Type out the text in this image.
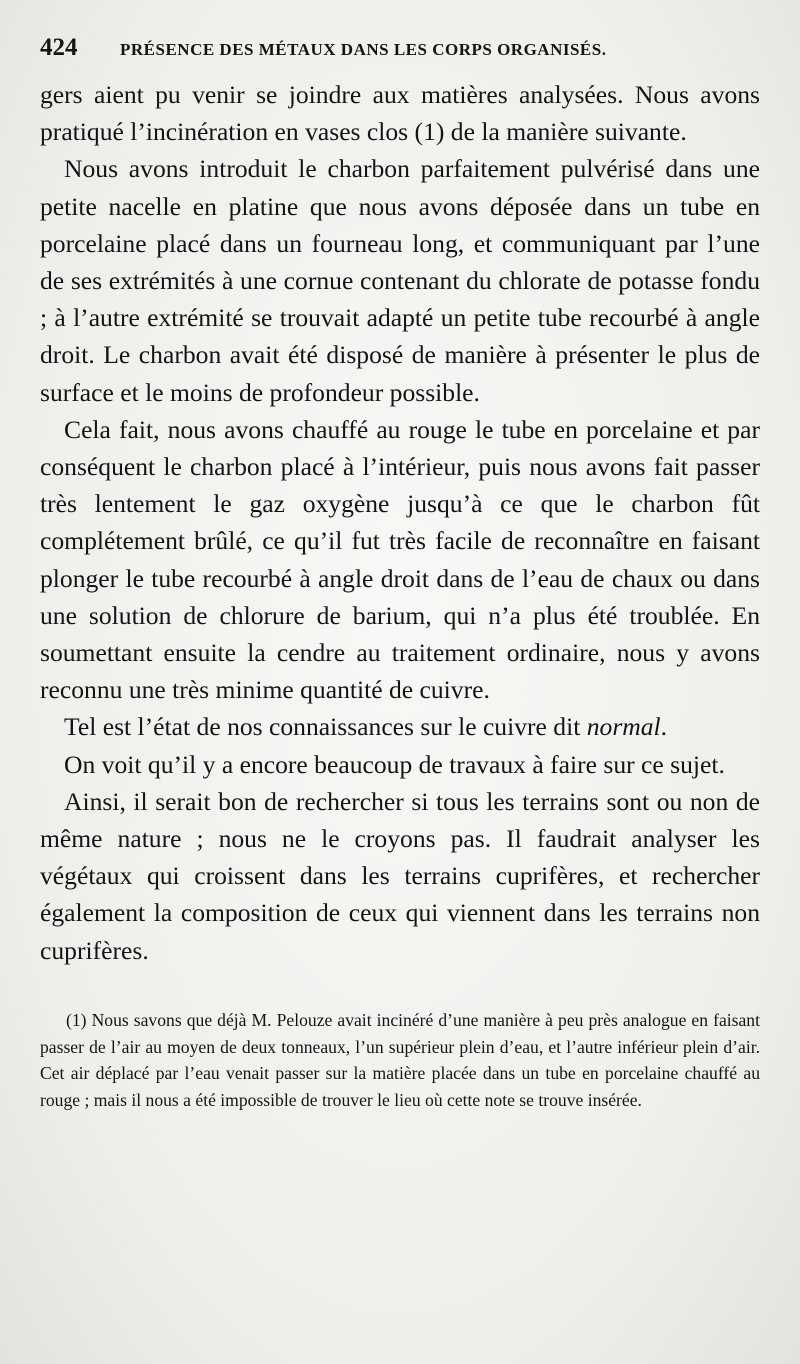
424	PRÉSENCE DES MÉTAUX DANS LES CORPS ORGANISÉS.

gers aient pu venir se joindre aux matières analysées. Nous avons pratiqué l’incinération en vases clos (1) de la manière suivante.

Nous avons introduit le charbon parfaitement pulvérisé dans une petite nacelle en platine que nous avons déposée dans un tube en porcelaine placé dans un fourneau long, et communiquant par l’une de ses extrémités à une cornue contenant du chlorate de potasse fondu ; à l’autre extrémité se trouvait adapté un petite tube recourbé à angle droit. Le charbon avait été disposé de manière à présenter le plus de surface et le moins de profondeur possible.

Cela fait, nous avons chauffé au rouge le tube en porcelaine et par conséquent le charbon placé à l’intérieur, puis nous avons fait passer très lentement le gaz oxygène jusqu’à ce que le charbon fût complétement brûlé, ce qu’il fut très facile de reconnaître en faisant plonger le tube recourbé à angle droit dans de l’eau de chaux ou dans une solution de chlorure de barium, qui n’a plus été troublée. En soumettant ensuite la cendre au traitement ordinaire, nous y avons reconnu une très minime quantité de cuivre.

Tel est l’état de nos connaissances sur le cuivre dit normal.

On voit qu’il y a encore beaucoup de travaux à faire sur ce sujet.

Ainsi, il serait bon de rechercher si tous les terrains sont ou non de même nature ; nous ne le croyons pas. Il faudrait analyser les végétaux qui croissent dans les terrains cuprifères, et rechercher également la composition de ceux qui viennent dans les terrains non cuprifères.

(1) Nous savons que déjà M. Pelouze avait incinéré d’une manière à peu près analogue en faisant passer de l’air au moyen de deux tonneaux, l’un supérieur plein d’eau, et l’autre inférieur plein d’air. Cet air déplacé par l’eau venait passer sur la matière placée dans un tube en porcelaine chauffé au rouge ; mais il nous a été impossible de trouver le lieu où cette note se trouve insérée.
